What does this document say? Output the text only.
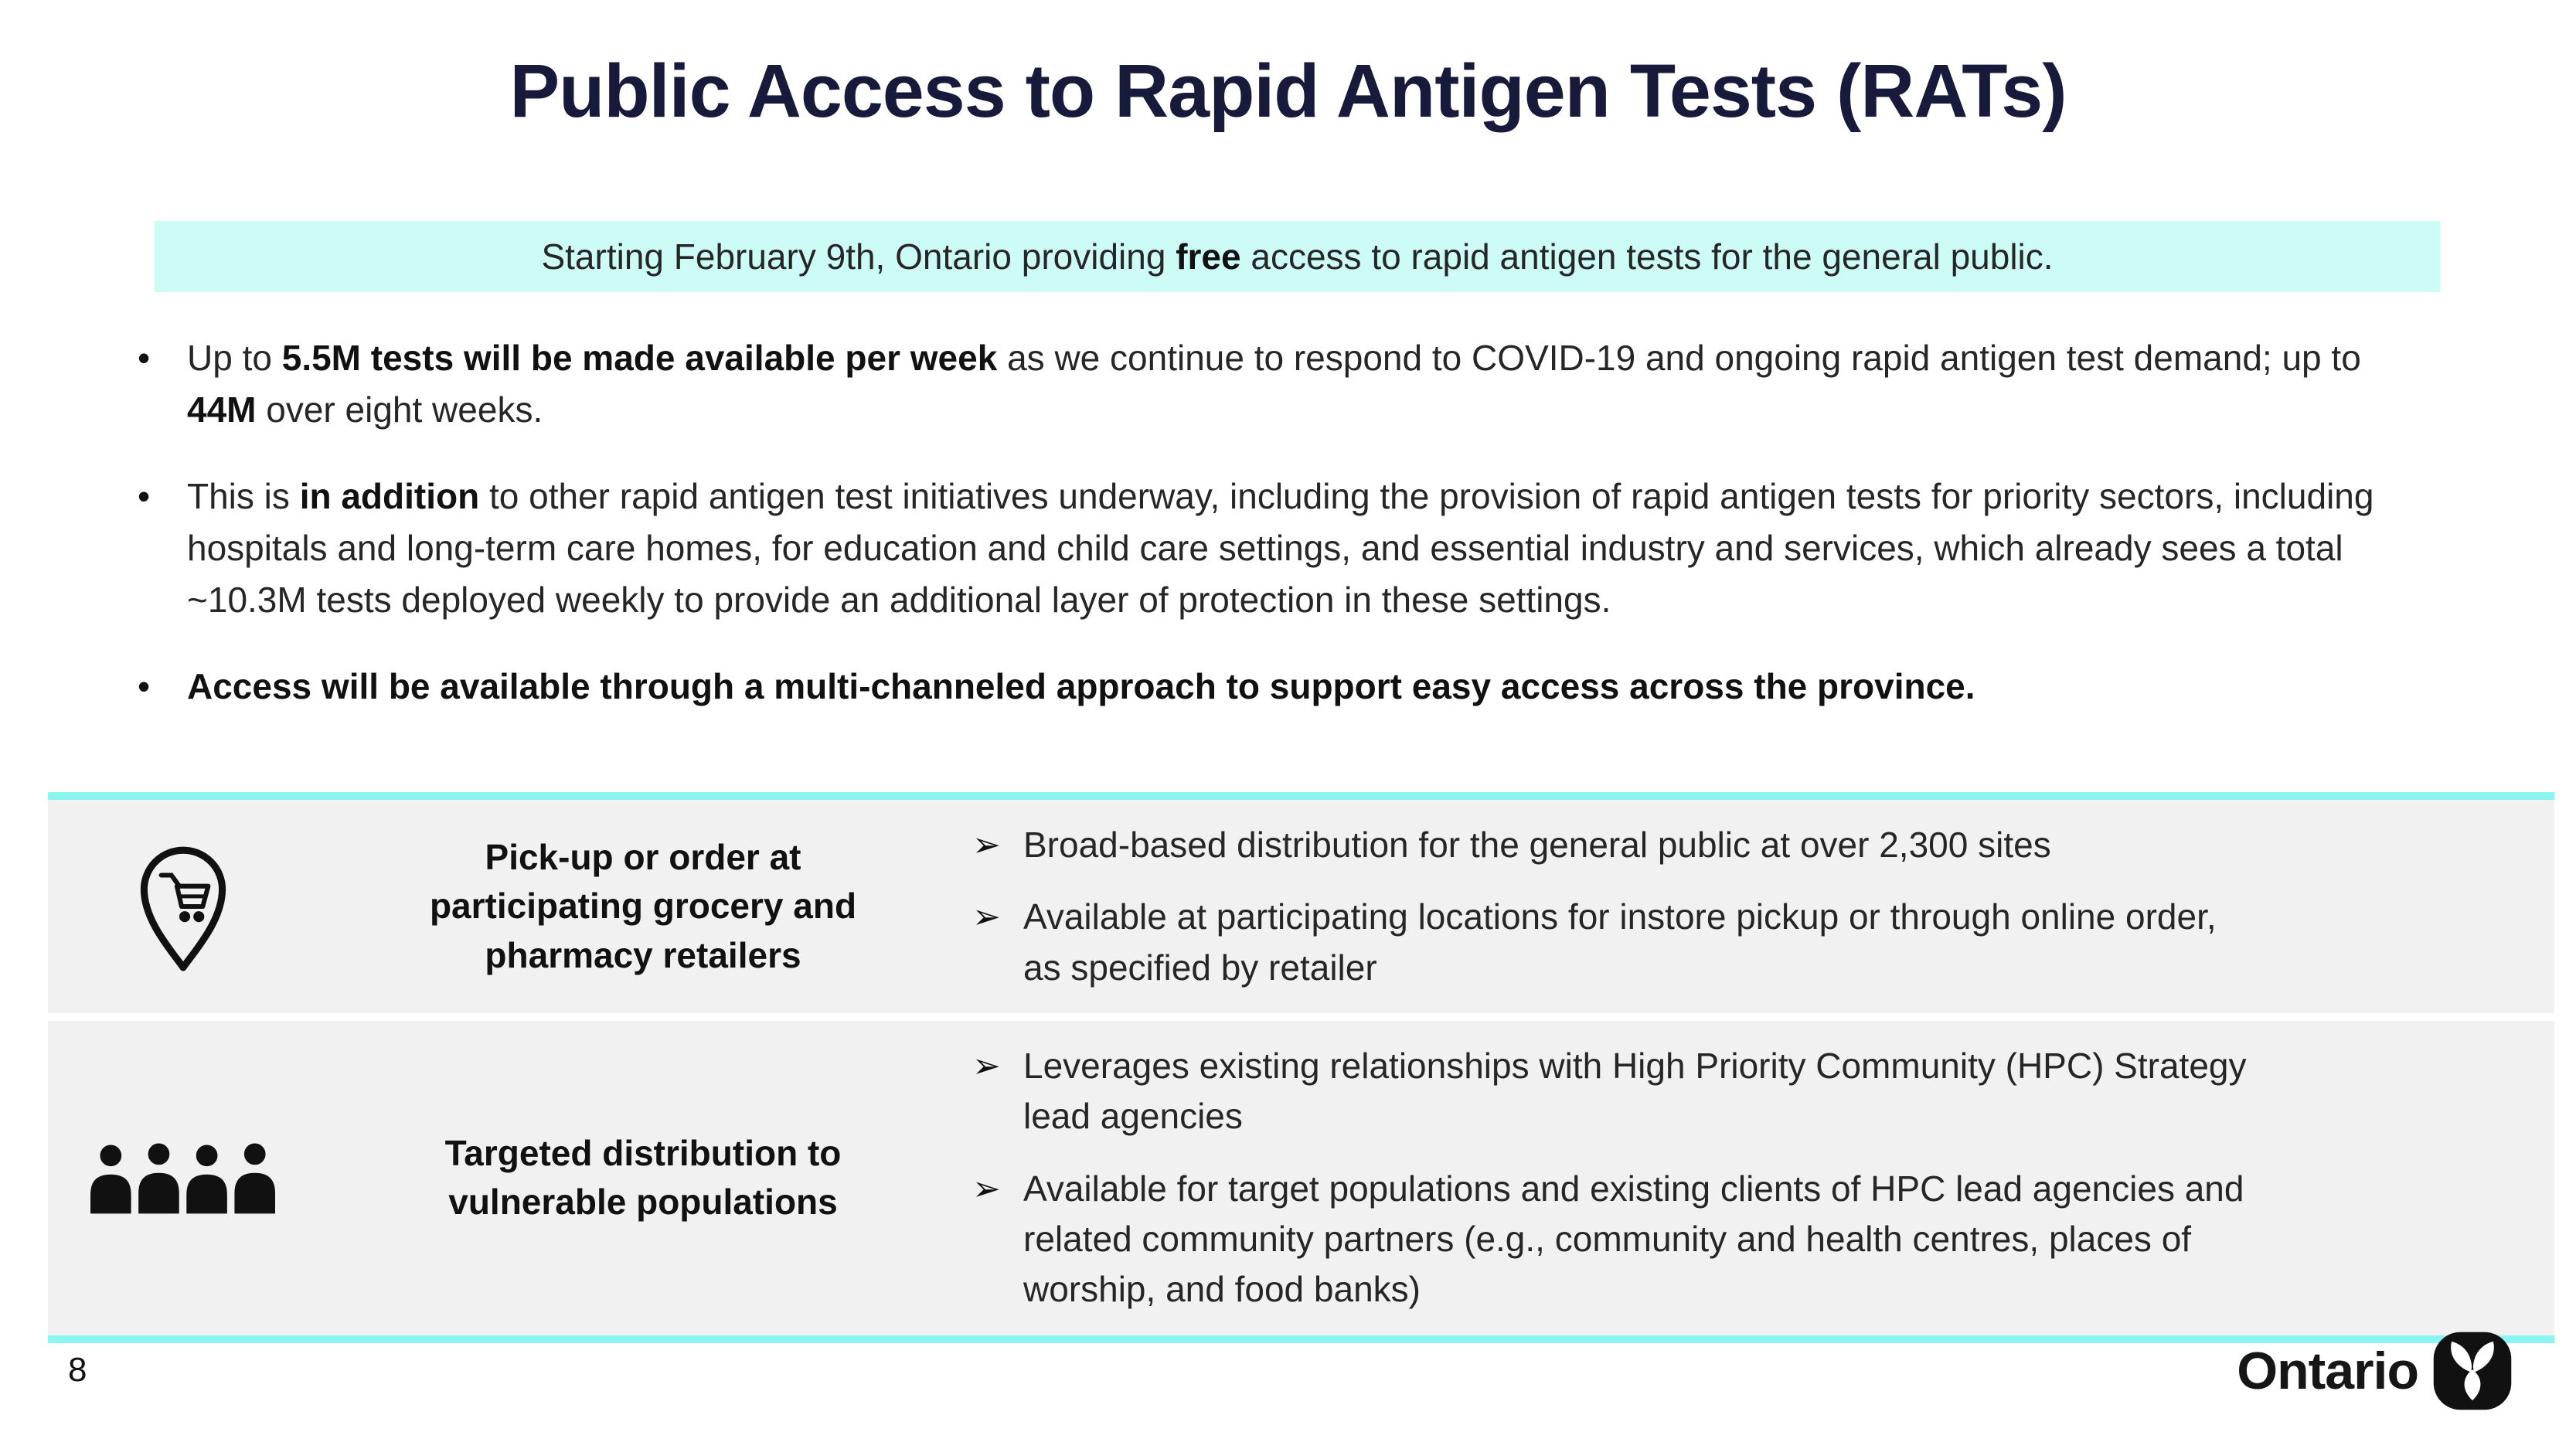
Public Access to Rapid Antigen Tests (RATs)
Starting February 9th, Ontario providing free access to rapid antigen tests for the general public.
•	Up to 5.5M tests will be made available per week as we continue to respond to COVID-19 and ongoing rapid antigen test demand; up to 44M over eight weeks.
•	This is in addition to other rapid antigen test initiatives underway, including the provision of rapid antigen tests for priority sectors, including hospitals and long-term care homes, for education and child care settings, and essential industry and services, which already sees a total ~10.3M tests deployed weekly to provide an additional layer of protection in these settings.
•	Access will be available through a multi-channeled approach to support easy access across the province.
Pick-up or order at participating grocery and pharmacy retailers
➢ Broad-based distribution for the general public at over 2,300 sites
➢ Available at participating locations for instore pickup or through online order, as specified by retailer
Targeted distribution to vulnerable populations
➢ Leverages existing relationships with High Priority Community (HPC) Strategy lead agencies
➢ Available for target populations and existing clients of HPC lead agencies and related community partners (e.g., community and health centres, places of worship, and food banks)
8	Ontario
